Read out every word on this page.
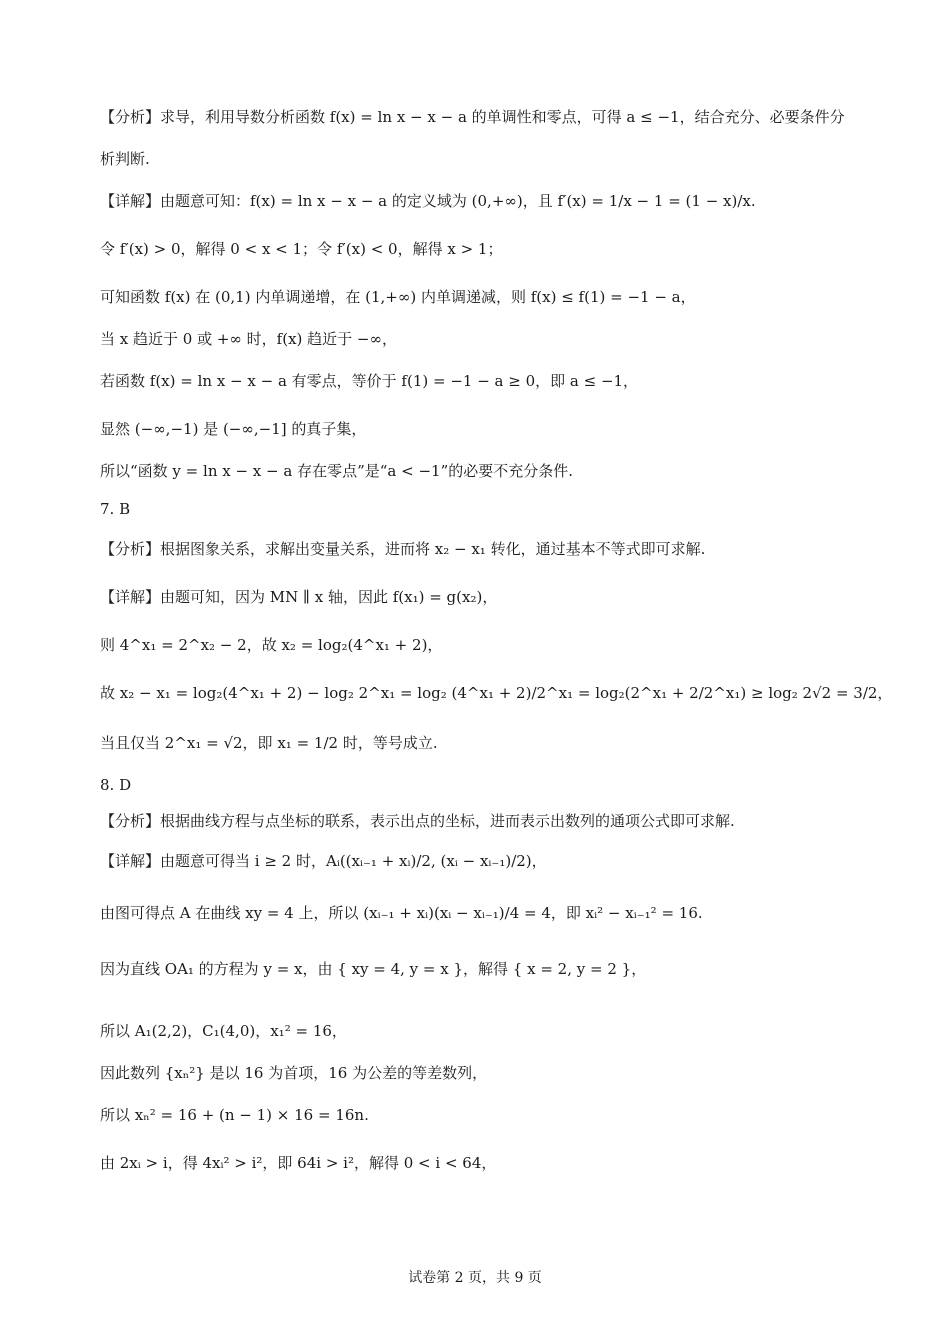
【分析】求导，利用导数分析函数 f(x) = ln x − x − a 的单调性和零点，可得 a ≤ −1，结合充分、必要条件分
析判断.
【详解】由题意可知：f(x) = ln x − x − a 的定义域为 (0,+∞)，且 f′(x) = 1/x − 1 = (1 − x)/x.
令 f′(x) > 0，解得 0 < x < 1；令 f′(x) < 0，解得 x > 1；
可知函数 f(x) 在 (0,1) 内单调递增，在 (1,+∞) 内单调递减，则 f(x) ≤ f(1) = −1 − a，
当 x 趋近于 0 或 +∞ 时，f(x) 趋近于 −∞，
若函数 f(x) = ln x − x − a 有零点，等价于 f(1) = −1 − a ≥ 0，即 a ≤ −1，
显然 (−∞,−1) 是 (−∞,−1] 的真子集，
所以“函数 y = ln x − x − a 存在零点”是“a < −1”的必要不充分条件.
7. B
【分析】根据图象关系，求解出变量关系，进而将 x₂ − x₁ 转化，通过基本不等式即可求解.
【详解】由题可知，因为 MN ∥ x 轴，因此 f(x₁) = g(x₂)，
则 4^x₁ = 2^x₂ − 2，故 x₂ = log₂(4^x₁ + 2)，
故 x₂ − x₁ = log₂(4^x₁ + 2) − log₂ 2^x₁ = log₂ (4^x₁ + 2)/2^x₁ = log₂(2^x₁ + 2/2^x₁) ≥ log₂ 2√2 = 3/2，
当且仅当 2^x₁ = √2，即 x₁ = 1/2 时，等号成立.
8. D
【分析】根据曲线方程与点坐标的联系，表示出点的坐标，进而表示出数列的通项公式即可求解.
【详解】由题意可得当 i ≥ 2 时，Aᵢ((xᵢ₋₁ + xᵢ)/2, (xᵢ − xᵢ₋₁)/2)，
由图可得点 A 在曲线 xy = 4 上，所以 (xᵢ₋₁ + xᵢ)(xᵢ − xᵢ₋₁)/4 = 4，即 xᵢ² − xᵢ₋₁² = 16.
因为直线 OA₁ 的方程为 y = x，由 { xy = 4, y = x }，解得 { x = 2, y = 2 }，
所以 A₁(2,2)，C₁(4,0)，x₁² = 16，
因此数列 {xₙ²} 是以 16 为首项，16 为公差的等差数列，
所以 xₙ² = 16 + (n − 1) × 16 = 16n.
由 2xᵢ > i，得 4xᵢ² > i²，即 64i > i²，解得 0 < i < 64，
试卷第 2 页，共 9 页
